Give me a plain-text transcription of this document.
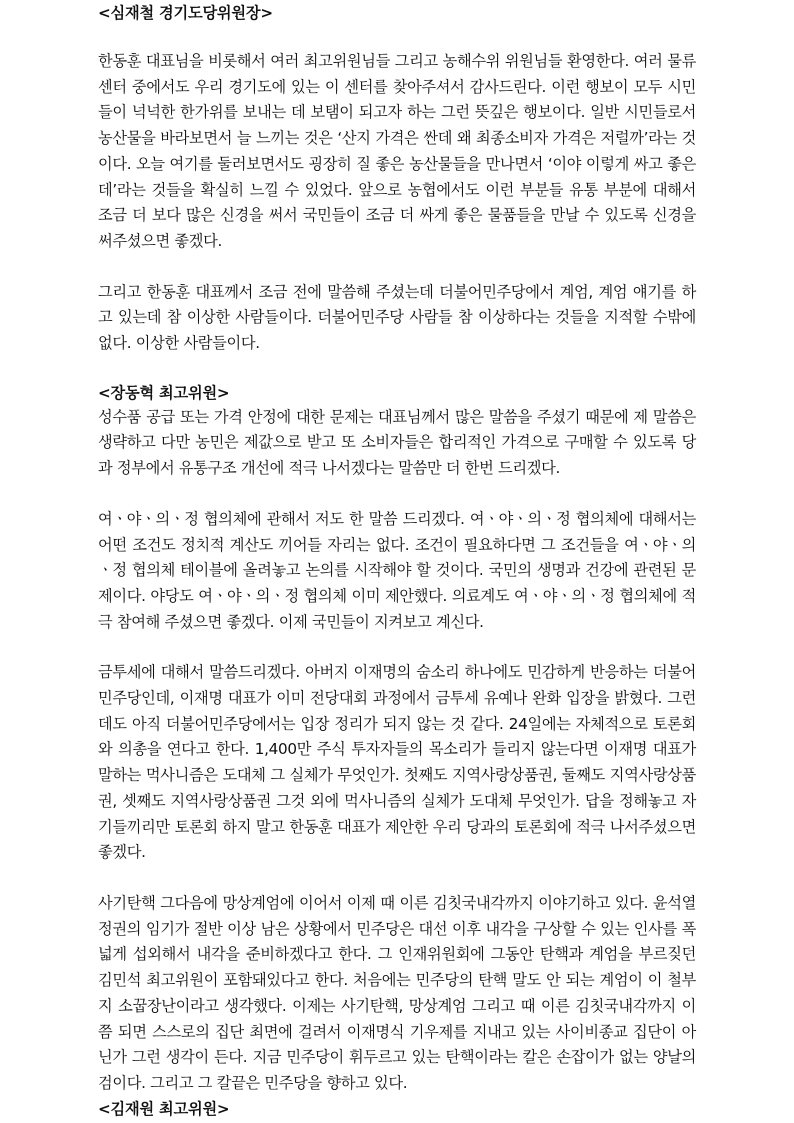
<심재철 경기도당위원장>

한동훈 대표님을 비롯해서 여러 최고위원님들 그리고 농해수위 위원님들 환영한다. 여러 물류센터 중에서도 우리 경기도에 있는 이 센터를 찾아주셔서 감사드린다. 이런 행보이 모두 시민들이 넉넉한 한가위를 보내는 데 보탬이 되고자 하는 그런 뜻깊은 행보이다. 일반 시민들로서 농산물을 바라보면서 늘 느끼는 것은 ‘산지 가격은 싼데 왜 최종소비자 가격은 저럴까’라는 것이다. 오늘 여기를 둘러보면서도 굉장히 질 좋은 농산물들을 만나면서 ‘이야 이렇게 싸고 좋은데’라는 것들을 확실히 느낄 수 있었다. 앞으로 농협에서도 이런 부분들 유통 부분에 대해서 조금 더 보다 많은 신경을 써서 국민들이 조금 더 싸게 좋은 물품들을 만날 수 있도록 신경을 써주셨으면 좋겠다.

그리고 한동훈 대표께서 조금 전에 말씀해 주셨는데 더불어민주당에서 계엄, 계엄 얘기를 하고 있는데 참 이상한 사람들이다. 더불어민주당 사람들 참 이상하다는 것들을 지적할 수밖에 없다. 이상한 사람들이다.

<장동혁 최고위원>

성수품 공급 또는 가격 안정에 대한 문제는 대표님께서 많은 말씀을 주셨기 때문에 제 말씀은 생략하고 다만 농민은 제값으로 받고 또 소비자들은 합리적인 가격으로 구매할 수 있도록 당과 정부에서 유통구조 개선에 적극 나서겠다는 말씀만 더 한번 드리겠다.

여ㆍ야ㆍ의ㆍ정 협의체에 관해서 저도 한 말씀 드리겠다. 여ㆍ야ㆍ의ㆍ정 협의체에 대해서는 어떤 조건도 정치적 계산도 끼어들 자리는 없다. 조건이 필요하다면 그 조건들을 여ㆍ야ㆍ의ㆍ정 협의체 테이블에 올려놓고 논의를 시작해야 할 것이다. 국민의 생명과 건강에 관련된 문제이다. 야당도 여ㆍ야ㆍ의ㆍ정 협의체 이미 제안했다. 의료계도 여ㆍ야ㆍ의ㆍ정 협의체에 적극 참여해 주셨으면 좋겠다. 이제 국민들이 지켜보고 계신다.

금투세에 대해서 말씀드리겠다. 아버지 이재명의 숨소리 하나에도 민감하게 반응하는 더불어민주당인데, 이재명 대표가 이미 전당대회 과정에서 금투세 유예나 완화 입장을 밝혔다. 그런데도 아직 더불어민주당에서는 입장 정리가 되지 않는 것 같다. 24일에는 자체적으로 토론회와 의총을 연다고 한다. 1,400만 주식 투자자들의 목소리가 들리지 않는다면 이재명 대표가 말하는 먹사니즘은 도대체 그 실체가 무엇인가. 첫째도 지역사랑상품권, 둘째도 지역사랑상품권, 셋째도 지역사랑상품권 그것 외에 먹사니즘의 실체가 도대체 무엇인가. 답을 정해놓고 자기들끼리만 토론회 하지 말고 한동훈 대표가 제안한 우리 당과의 토론회에 적극 나서주셨으면 좋겠다.

사기탄핵 그다음에 망상계엄에 이어서 이제 때 이른 김칫국내각까지 이야기하고 있다. 윤석열 정권의 임기가 절반 이상 남은 상황에서 민주당은 대선 이후 내각을 구상할 수 있는 인사를 폭넓게 섭외해서 내각을 준비하겠다고 한다. 그 인재위원회에 그동안 탄핵과 계엄을 부르짖던 김민석 최고위원이 포함돼있다고 한다. 처음에는 민주당의 탄핵 말도 안 되는 계엄이 이 철부지 소꿉장난이라고 생각했다. 이제는 사기탄핵, 망상계엄 그리고 때 이른 김칫국내각까지 이쯤 되면 스스로의 집단 최면에 걸려서 이재명식 기우제를 지내고 있는 사이비종교 집단이 아닌가 그런 생각이 든다. 지금 민주당이 휘두르고 있는 탄핵이라는 칼은 손잡이가 없는 양날의 검이다. 그리고 그 칼끝은 민주당을 향하고 있다.

<김재원 최고위원>
